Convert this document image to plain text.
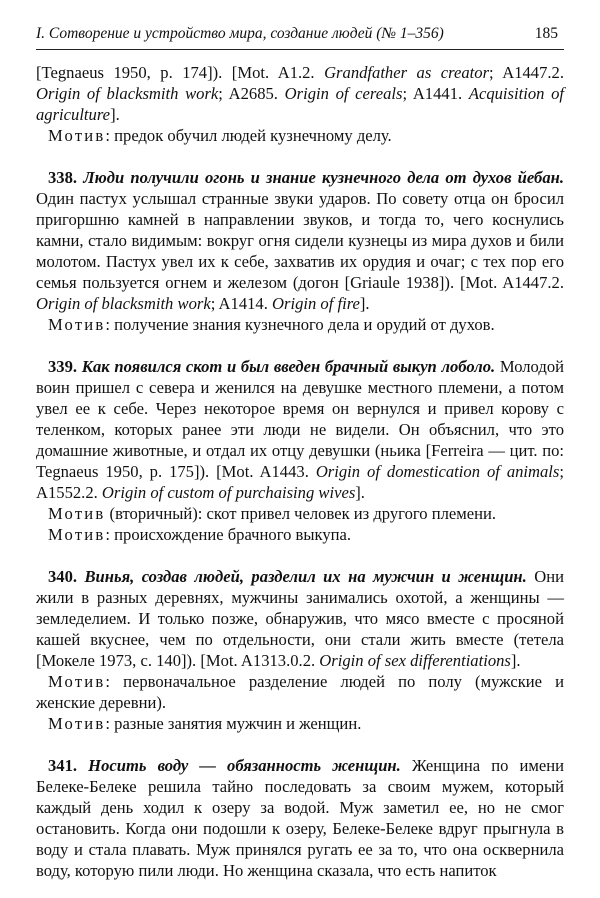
I. Сотворение и устройство мира, создание людей (№ 1–356)	185

[Tegnaeus 1950, p. 174]). [Mot. A1.2. Grandfather as creator; A1447.2. Origin of blacksmith work; A2685. Origin of cereals; A1441. Acquisition of agriculture].

Мотив: предок обучил людей кузнечному делу.

338. Люди получили огонь и знание кузнечного дела от духов йебан. Один пастух услышал странные звуки ударов. По совету отца он бросил пригоршню камней в направлении звуков, и тогда то, чего коснулись камни, стало видимым: вокруг огня сидели кузнецы из мира духов и били молотом. Пастух увел их к себе, захватив их орудия и очаг; с тех пор его семья пользуется огнем и железом (догон [Griaule 1938]). [Mot. A1447.2. Origin of blacksmith work; A1414. Origin of fire].

Мотив: получение знания кузнечного дела и орудий от духов.

339. Как появился скот и был введен брачный выкуп лоболо. Молодой воин пришел с севера и женился на девушке местного племени, а потом увел ее к себе. Через некоторое время он вернулся и привел корову с теленком, которых ранее эти люди не видели. Он объяснил, что это домашние животные, и отдал их отцу девушки (ньика [Ferreira — цит. по: Tegnaeus 1950, p. 175]). [Mot. A1443. Origin of domestication of animals; A1552.2. Origin of custom of purchaising wives].

Мотив (вторичный): скот привел человек из другого племени.

Мотив: происхождение брачного выкупа.

340. Винья, создав людей, разделил их на мужчин и женщин. Они жили в разных деревнях, мужчины занимались охотой, а женщины — земледелием. И только позже, обнаружив, что мясо вместе с просяной кашей вкуснее, чем по отдельности, они стали жить вместе (тетела [Мокеле 1973, с. 140]). [Mot. A1313.0.2. Origin of sex differentiations].

Мотив: первоначальное разделение людей по полу (мужские и женские деревни).

Мотив: разные занятия мужчин и женщин.

341. Носить воду — обязанность женщин. Женщина по имени Белеке-Белеке решила тайно последовать за своим мужем, который каждый день ходил к озеру за водой. Муж заметил ее, но не смог остановить. Когда они подошли к озеру, Белеке-Белеке вдруг прыгнула в воду и стала плавать. Муж принялся ругать ее за то, что она осквернила воду, которую пили люди. Но женщина сказала, что есть напиток
